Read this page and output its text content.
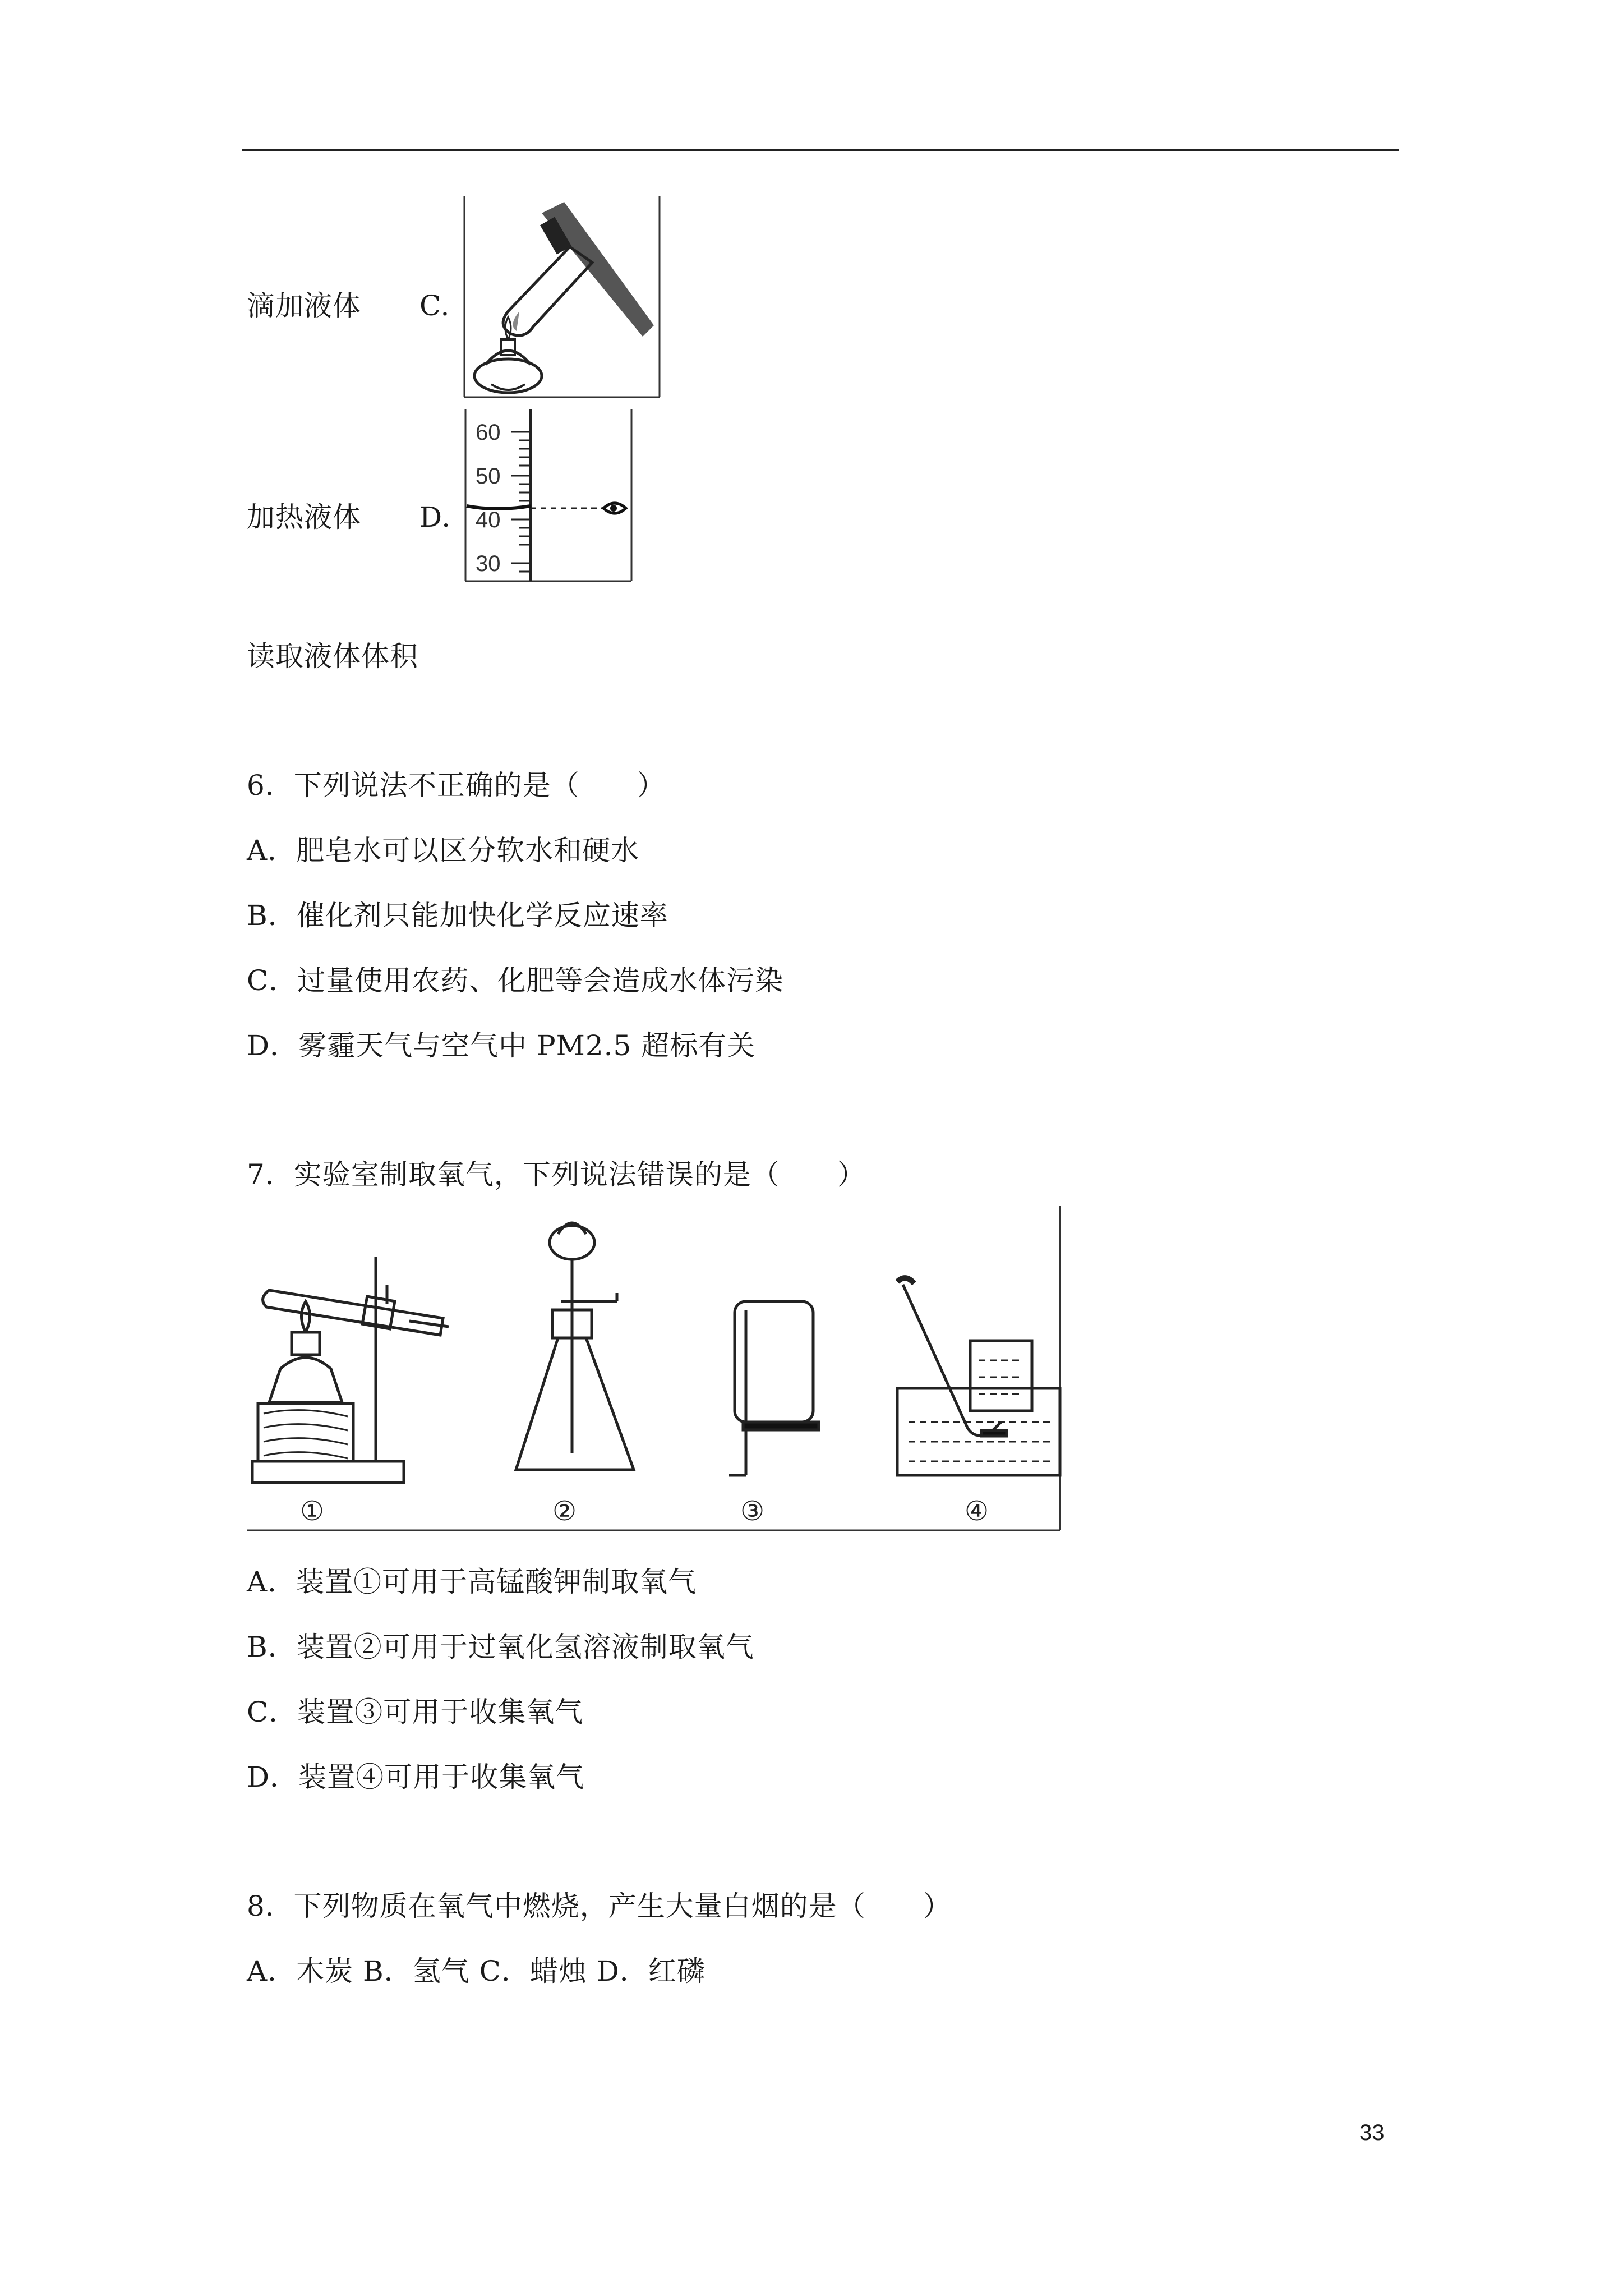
滴加液体 C.
加热液体 D.
60
50
40
30
读取液体体积
6．下列说法不正确的是（　　）
A．肥皂水可以区分软水和硬水
B．催化剂只能加快化学反应速率
C．过量使用农药、化肥等会造成水体污染
D．雾霾天气与空气中 PM2.5 超标有关
7．实验室制取氧气，下列说法错误的是（　　）
①	②	③	④
A．装置①可用于高锰酸钾制取氧气
B．装置②可用于过氧化氢溶液制取氧气
C．装置③可用于收集氧气
D．装置④可用于收集氧气
8．下列物质在氧气中燃烧，产生大量白烟的是（　　）
A．木炭 B．氢气 C．蜡烛 D．红磷
33
